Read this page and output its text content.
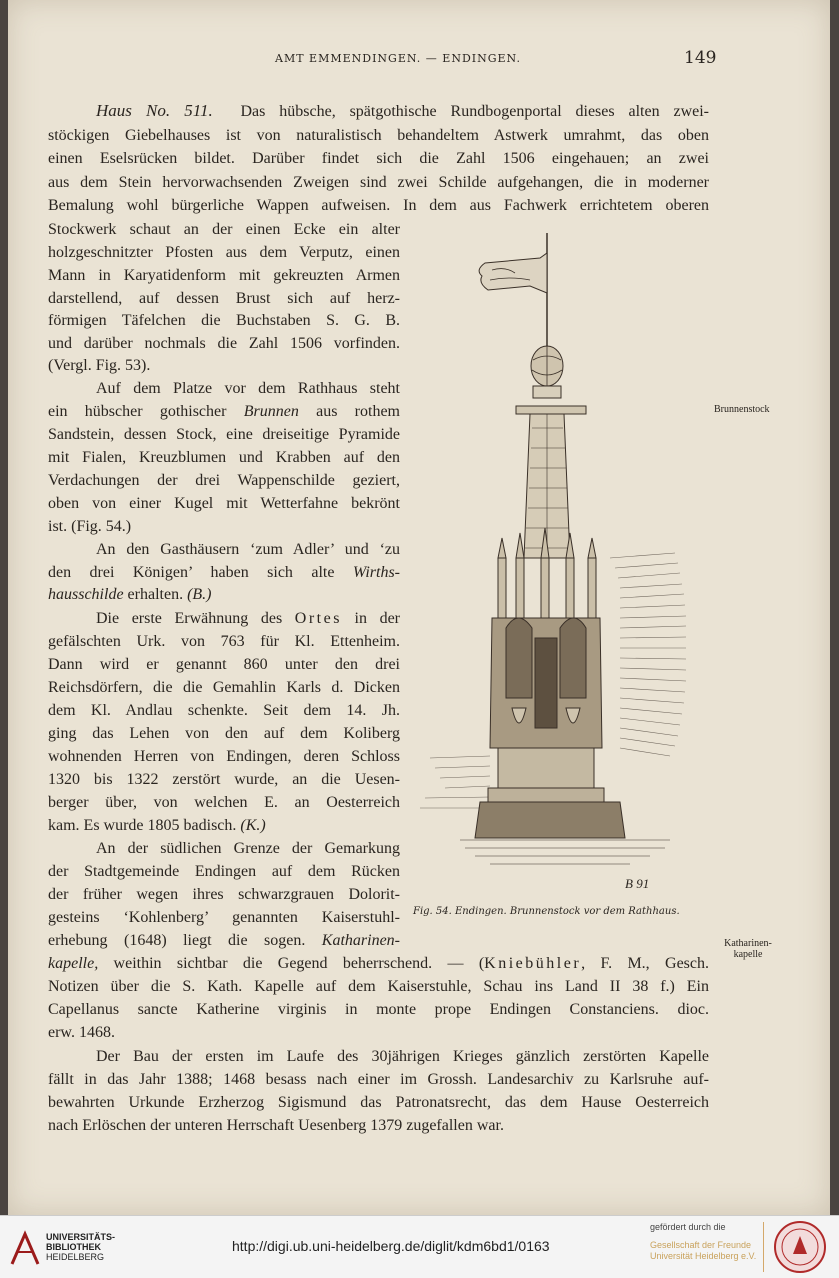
AMT EMMENDINGEN. — ENDINGEN.	149
Haus No. 511. Das hübsche, spätgothische Rundbogenportal dieses alten zwei-
stöckigen Giebelhauses ist von naturalistisch behandeltem Astwerk umrahmt, das oben
einen Eselsrücken bildet. Darüber findet sich die Zahl 1506 eingehauen; an zwei
aus dem Stein hervorwachsenden Zweigen sind zwei Schilde aufgehangen, die in moderner
Bemalung wohl bürgerliche Wappen aufweisen. In dem aus Fachwerk errichtetem oberen
Stockwerk schaut an der einen Ecke ein alter
holzgeschnitzter Pfosten aus dem Verputz, einen
Mann in Karyatidenform mit gekreuzten Armen
darstellend, auf dessen Brust sich auf herz-
förmigen Täfelchen die Buchstaben S. G. B.
und darüber nochmals die Zahl 1506 vorfinden.
(Vergl. Fig. 53).
Auf dem Platze vor dem Rathhaus steht
ein hübscher gothischer Brunnen aus rothem
Sandstein, dessen Stock, eine dreiseitige Pyramide
mit Fialen, Kreuzblumen und Krabben auf den
Verdachungen der drei Wappenschilde geziert,
oben von einer Kugel mit Wetterfahne bekrönt
ist. (Fig. 54.)
An den Gasthäusern ‘zum Adler’ und ‘zu
den drei Königen’ haben sich alte Wirths-
hausschilde erhalten. (B.)
Die erste Erwähnung des Ortes in der
gefälschten Urk. von 763 für Kl. Ettenheim.
Dann wird er genannt 860 unter den drei
Reichsdörfern, die die Gemahlin Karls d. Dicken
dem Kl. Andlau schenkte. Seit dem 14. Jh.
ging das Lehen von den auf dem Koliberg
wohnenden Herren von Endingen, deren Schloss
1320 bis 1322 zerstört wurde, an die Uesen-
berger über, von welchen E. an Oesterreich
kam. Es wurde 1805 badisch. (K.)
An der südlichen Grenze der Gemarkung
der Stadtgemeinde Endingen auf dem Rücken
der früher wegen ihres schwarzgrauen Dolorit-
gesteins ‘Kohlenberg’ genannten Kaiserstuhl-
erhebung (1648) liegt die sogen. Katharinen-
kapelle, weithin sichtbar die Gegend beherrschend. — (Kniebühler, F. M., Gesch.
Notizen über die S. Kath. Kapelle auf dem Kaiserstuhle, Schau ins Land II 38 f.) Ein
Capellanus sancte Katherine virginis in monte prope Endingen Constanciens. dioc.
erw. 1468.
Der Bau der ersten im Laufe des 30jährigen Krieges gänzlich zerstörten Kapelle
fällt in das Jahr 1388; 1468 besass nach einer im Grossh. Landesarchiv zu Karlsruhe auf-
bewahrten Urkunde Erzherzog Sigismund das Patronatsrecht, das dem Hause Oesterreich
nach Erlöschen der unteren Herrschaft Uesenberg 1379 zugefallen war.
Brunnenstock
Katharinen-
kapelle
B 91
Fig. 54. Endingen. Brunnenstock vor dem Rathhaus.
UNIVERSITÄTS-
BIBLIOTHEK
HEIDELBERG
http://digi.ub.uni-heidelberg.de/diglit/kdm6bd1/0163
gefördert durch die
Gesellschaft der Freunde
Universität Heidelberg e.V.
